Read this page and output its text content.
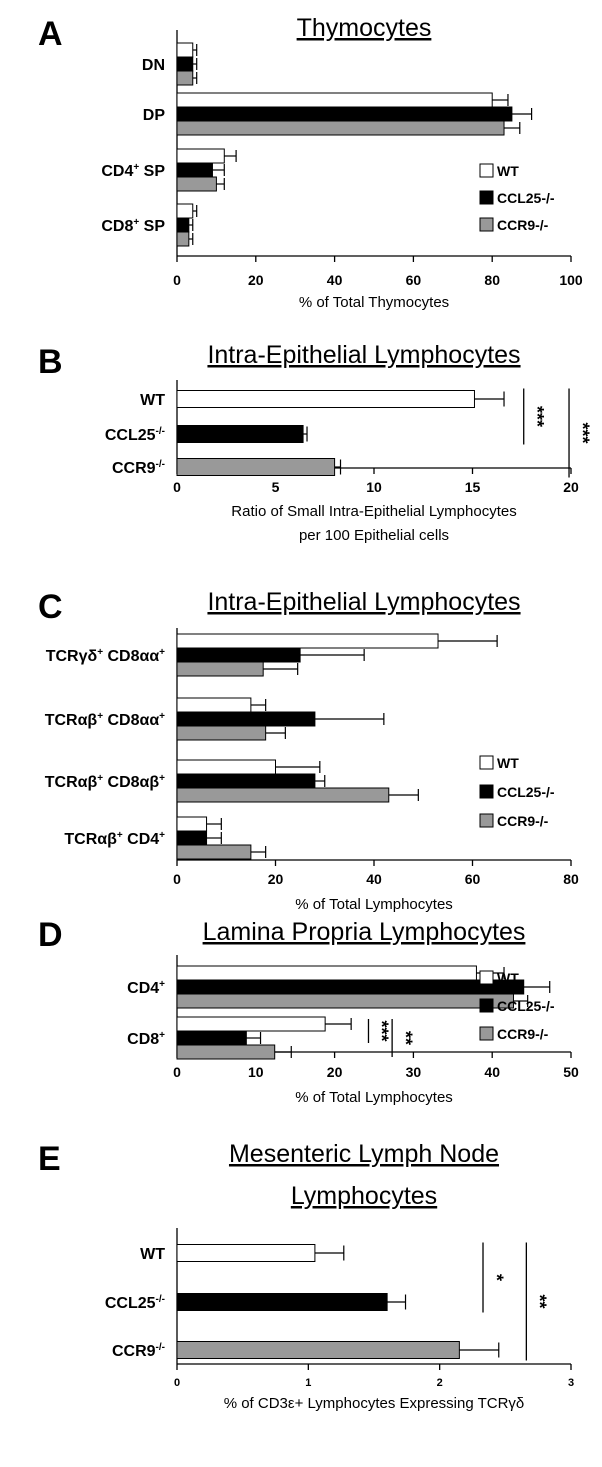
A	Thymocytes
0	20	40	60	80	100
% of Total Thymocytes
DN
DP
CD4+ SP
CD8+ SP
WT
CCL25-/-
CCR9-/-
B	Intra-Epithelial Lymphocytes
0	5	10	15	20
Ratio of Small Intra-Epithelial Lymphocytes
per 100 Epithelial cells
WT
CCL25-/-
CCR9-/-
***
***
C	Intra-Epithelial Lymphocytes
0	20	40	60	80
% of Total Lymphocytes
TCRγδ+ CD8αα+
TCRαβ+ CD8αα+
TCRαβ+ CD8αβ+
TCRαβ+ CD4+
WT
CCL25-/-
CCR9-/-
D	Lamina Propria Lymphocytes
0	10	20	30	40	50
% of Total Lymphocytes
CD4+
CD8+
WT
CCL25-/-
CCR9-/-
*** **
E	Mesenteric Lymph Node
Lymphocytes
0	1	2	3
% of CD3ε+ Lymphocytes Expressing TCRγδ
WT
CCL25-/-
CCR9-/-
*
**
